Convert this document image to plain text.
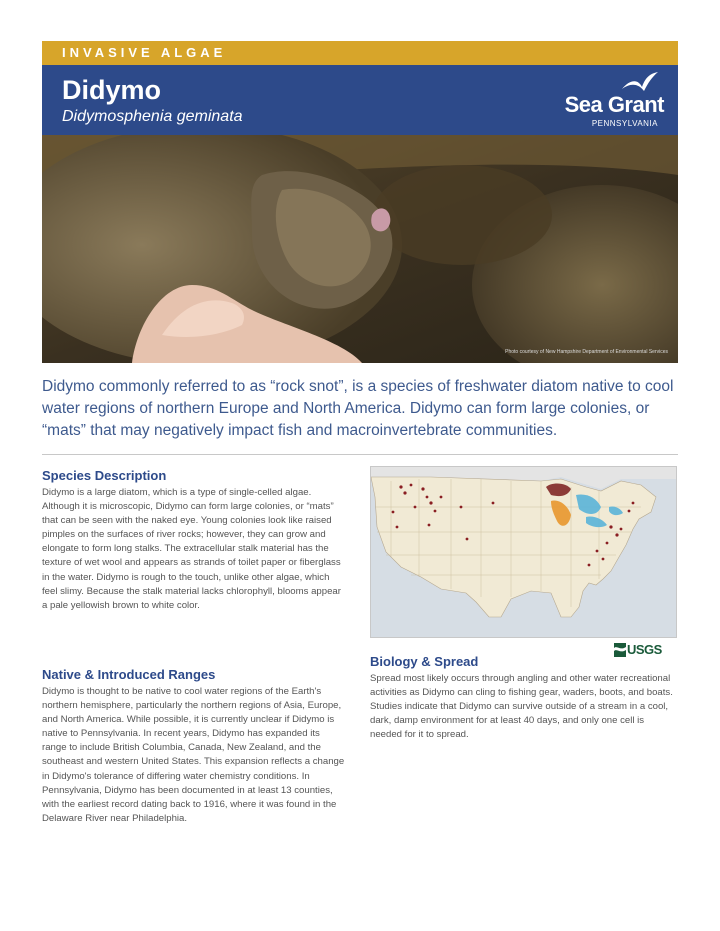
INVASIVE ALGAE
Didymo
Didymosphenia geminata	Sea Grant
PENNSYLVANIA
Photo courtesy of New Hampshire Department of Environmental Services
Didymo commonly referred to as “rock snot”, is a species of freshwater diatom native to cool water regions of northern Europe and North America. Didymo can form large colonies, or “mats” that may negatively impact fish and macroinvertebrate communities.
Species Description

Didymo is a large diatom, which is a type of single-celled algae. Although it is microscopic, Didymo can form large colonies, or “mats” that can be seen with the naked eye. Young colonies look like raised pimples on the surfaces of river rocks; however, they can grow and elongate to form long stalks. The extracellular stalk material has the texture of wet wool and appears as strands of toilet paper or fiberglass in the water. Didymo is rough to the touch, unlike other algae, which feel slimy. Because the stalk material lacks chlorophyll, blooms appear a pale yellowish brown to white color.

Native & Introduced Ranges

Didymo is thought to be native to cool water regions of the Earth's northern hemisphere, particularly the northern regions of Asia, Europe, and North America. While possible, it is currently unclear if Didymo is native to Pennsylvania. In recent years, Didymo has expanded its range to include British Columbia, Canada, New Zealand, and the southeast and western United States. This expansion reflects a change in Didymo's tolerance of differing water chemistry conditions. In Pennsylvania, Didymo has been documented in at least 13 counties, with the earliest record dating back to 1916, where it was found in the Delaware River near Philadelphia.

USGS
Biology & Spread

Spread most likely occurs through angling and other water recreational activities as Didymo can cling to fishing gear, waders, boots, and boats. Studies indicate that Didymo can survive outside of a stream in a cool, dark, damp environment for at least 40 days, and only one cell is needed for it to spread.
